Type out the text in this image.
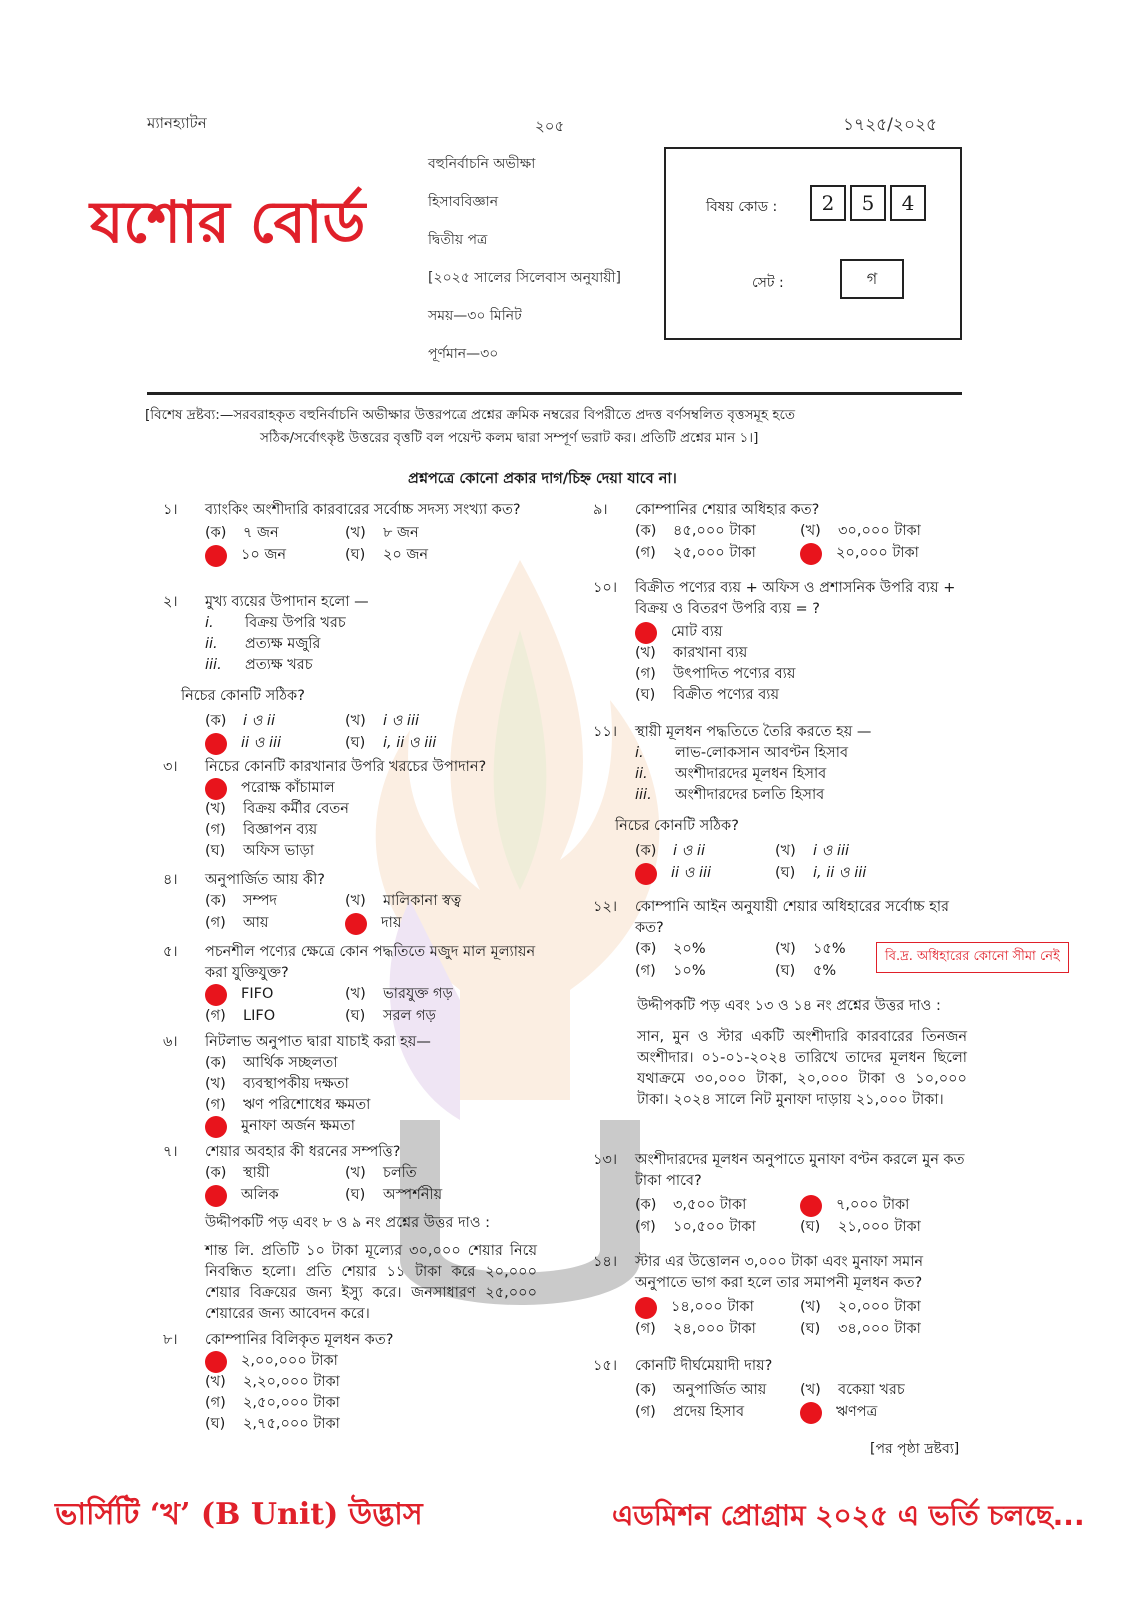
ম্যানহ্যাটন	২০৫	১৭২৫/২০২৫
যশোর বোর্ড
বহুনির্বাচনি অভীক্ষা
হিসাববিজ্ঞান
দ্বিতীয় পত্র
[২০২৫ সালের সিলেবাস অনুযায়ী]
সময়—৩০ মিনিট
পূর্ণমান—৩০
বিষয় কোড :	2	5	4
সেট :	গ
[বিশেষ দ্রষ্টব্য:—সরবরাহকৃত বহুনির্বাচনি অভীক্ষার উত্তরপত্রে প্রশ্নের ক্রমিক নম্বরের বিপরীতে প্রদত্ত বর্ণসম্বলিত বৃত্তসমূহ হতে
সঠিক/সর্বোৎকৃষ্ট উত্তরের বৃত্তটি বল পয়েন্ট কলম দ্বারা সম্পূর্ণ ভরাট কর। প্রতিটি প্রশ্নের মান ১।]
প্রশ্নপত্রে কোনো প্রকার দাগ/চিহ্ন দেয়া যাবে না।
১।	ব্যাংকিং অংশীদারি কারবারের সর্বোচ্চ সদস্য সংখ্যা কত?
(ক)	৭ জন	(খ)	৮ জন
১০ জন	(ঘ)	২০ জন
২।	মুখ্য ব্যয়ের উপাদান হলো —
i.	বিক্রয় উপরি খরচ
ii.	প্রত্যক্ষ মজুরি
iii.	প্রত্যক্ষ খরচ
নিচের কোনটি সঠিক?
(ক)	i ও ii	(খ)	i ও iii
ii ও iii	(ঘ)	i, ii ও iii
৩।	নিচের কোনটি কারখানার উপরি খরচের উপাদান?
পরোক্ষ কাঁচামাল
(খ)	বিক্রয় কর্মীর বেতন
(গ)	বিজ্ঞাপন ব্যয়
(ঘ)	অফিস ভাড়া
৪।	অনুপার্জিত আয় কী?
(ক)	সম্পদ	(খ)	মালিকানা স্বত্ব
(গ)	আয়	দায়
৫।	পচনশীল পণ্যের ক্ষেত্রে কোন পদ্ধতিতে মজুদ মাল মূল্যায়ন করা যুক্তিযুক্ত?
FIFO	(খ)	ভারযুক্ত গড়
(গ)	LIFO	(ঘ)	সরল গড়
৬।	নিটলাভ অনুপাত দ্বারা যাচাই করা হয়—
(ক)	আর্থিক সচ্ছলতা
(খ)	ব্যবস্থাপকীয় দক্ষতা
(গ)	ঋণ পরিশোধের ক্ষমতা
মুনাফা অর্জন ক্ষমতা
৭।	শেয়ার অবহার কী ধরনের সম্পত্তি?
(ক)	স্থায়ী	(খ)	চলতি
অলিক	(ঘ)	অস্পর্শনীয়
উদ্দীপকটি পড় এবং ৮ ও ৯ নং প্রশ্নের উত্তর দাও :
শান্ত লি. প্রতিটি ১০ টাকা মূল্যের ৩০,০০০ শেয়ার নিয়ে নিবন্ধিত হলো। প্রতি শেয়ার ১১ টাকা করে ২০,০০০ শেয়ার বিক্রয়ের জন্য ইস্যু করে। জনসাধারণ ২৫,০০০ শেয়ারের জন্য আবেদন করে।
৮।	কোম্পানির বিলিকৃত মূলধন কত?
২,০০,০০০ টাকা
(খ)	২,২০,০০০ টাকা
(গ)	২,৫০,০০০ টাকা
(ঘ)	২,৭৫,০০০ টাকা
৯।	কোম্পানির শেয়ার অধিহার কত?
(ক)	৪৫,০০০ টাকা	(খ)	৩০,০০০ টাকা
(গ)	২৫,০০০ টাকা	২০,০০০ টাকা
১০।	বিক্রীত পণ্যের ব্যয় + অফিস ও প্রশাসনিক উপরি ব্যয় + বিক্রয় ও বিতরণ উপরি ব্যয় = ?
মোট ব্যয়
(খ)	কারখানা ব্যয়
(গ)	উৎপাদিত পণ্যের ব্যয়
(ঘ)	বিক্রীত পণ্যের ব্যয়
১১।	স্থায়ী মূলধন পদ্ধতিতে তৈরি করতে হয় —
i.	লাভ-লোকসান আবণ্টন হিসাব
ii.	অংশীদারদের মূলধন হিসাব
iii.	অংশীদারদের চলতি হিসাব
নিচের কোনটি সঠিক?
(ক)	i ও ii	(খ)	i ও iii
ii ও iii	(ঘ)	i, ii ও iii
১২।	কোম্পানি আইন অনুযায়ী শেয়ার অধিহারের সর্বোচ্চ হার কত?
(ক)	২০%	(খ)	১৫%
(গ)	১০%	(ঘ)	৫%
বি.দ্র. অধিহারের কোনো সীমা নেই
উদ্দীপকটি পড় এবং ১৩ ও ১৪ নং প্রশ্নের উত্তর দাও :
সান, মুন ও স্টার একটি অংশীদারি কারবারের তিনজন অংশীদার। ০১-০১-২০২৪ তারিখে তাদের মূলধন ছিলো যথাক্রমে ৩০,০০০ টাকা, ২০,০০০ টাকা ও ১০,০০০ টাকা। ২০২৪ সালে নিট মুনাফা দাড়ায় ২১,০০০ টাকা।
১৩।	অংশীদারদের মূলধন অনুপাতে মুনাফা বণ্টন করলে মুন কত টাকা পাবে?
(ক)	৩,৫০০ টাকা	৭,০০০ টাকা
(গ)	১০,৫০০ টাকা	(ঘ)	২১,০০০ টাকা
১৪।	স্টার এর উত্তোলন ৩,০০০ টাকা এবং মুনাফা সমান অনুপাতে ভাগ করা হলে তার সমাপনী মূলধন কত?
১৪,০০০ টাকা	(খ)	২০,০০০ টাকা
(গ)	২৪,০০০ টাকা	(ঘ)	৩৪,০০০ টাকা
১৫।	কোনটি দীর্ঘমেয়াদী দায়?
(ক)	অনুপার্জিত আয় (খ)	বকেয়া খরচ
(গ)	প্রদেয় হিসাব	ঋণপত্র
[পর পৃষ্ঠা দ্রষ্টব্য]
ভার্সিটি ‘খ’ (B Unit) উদ্ভাস	এডমিশন প্রোগ্রাম ২০২৫ এ ভর্তি চলছে...
